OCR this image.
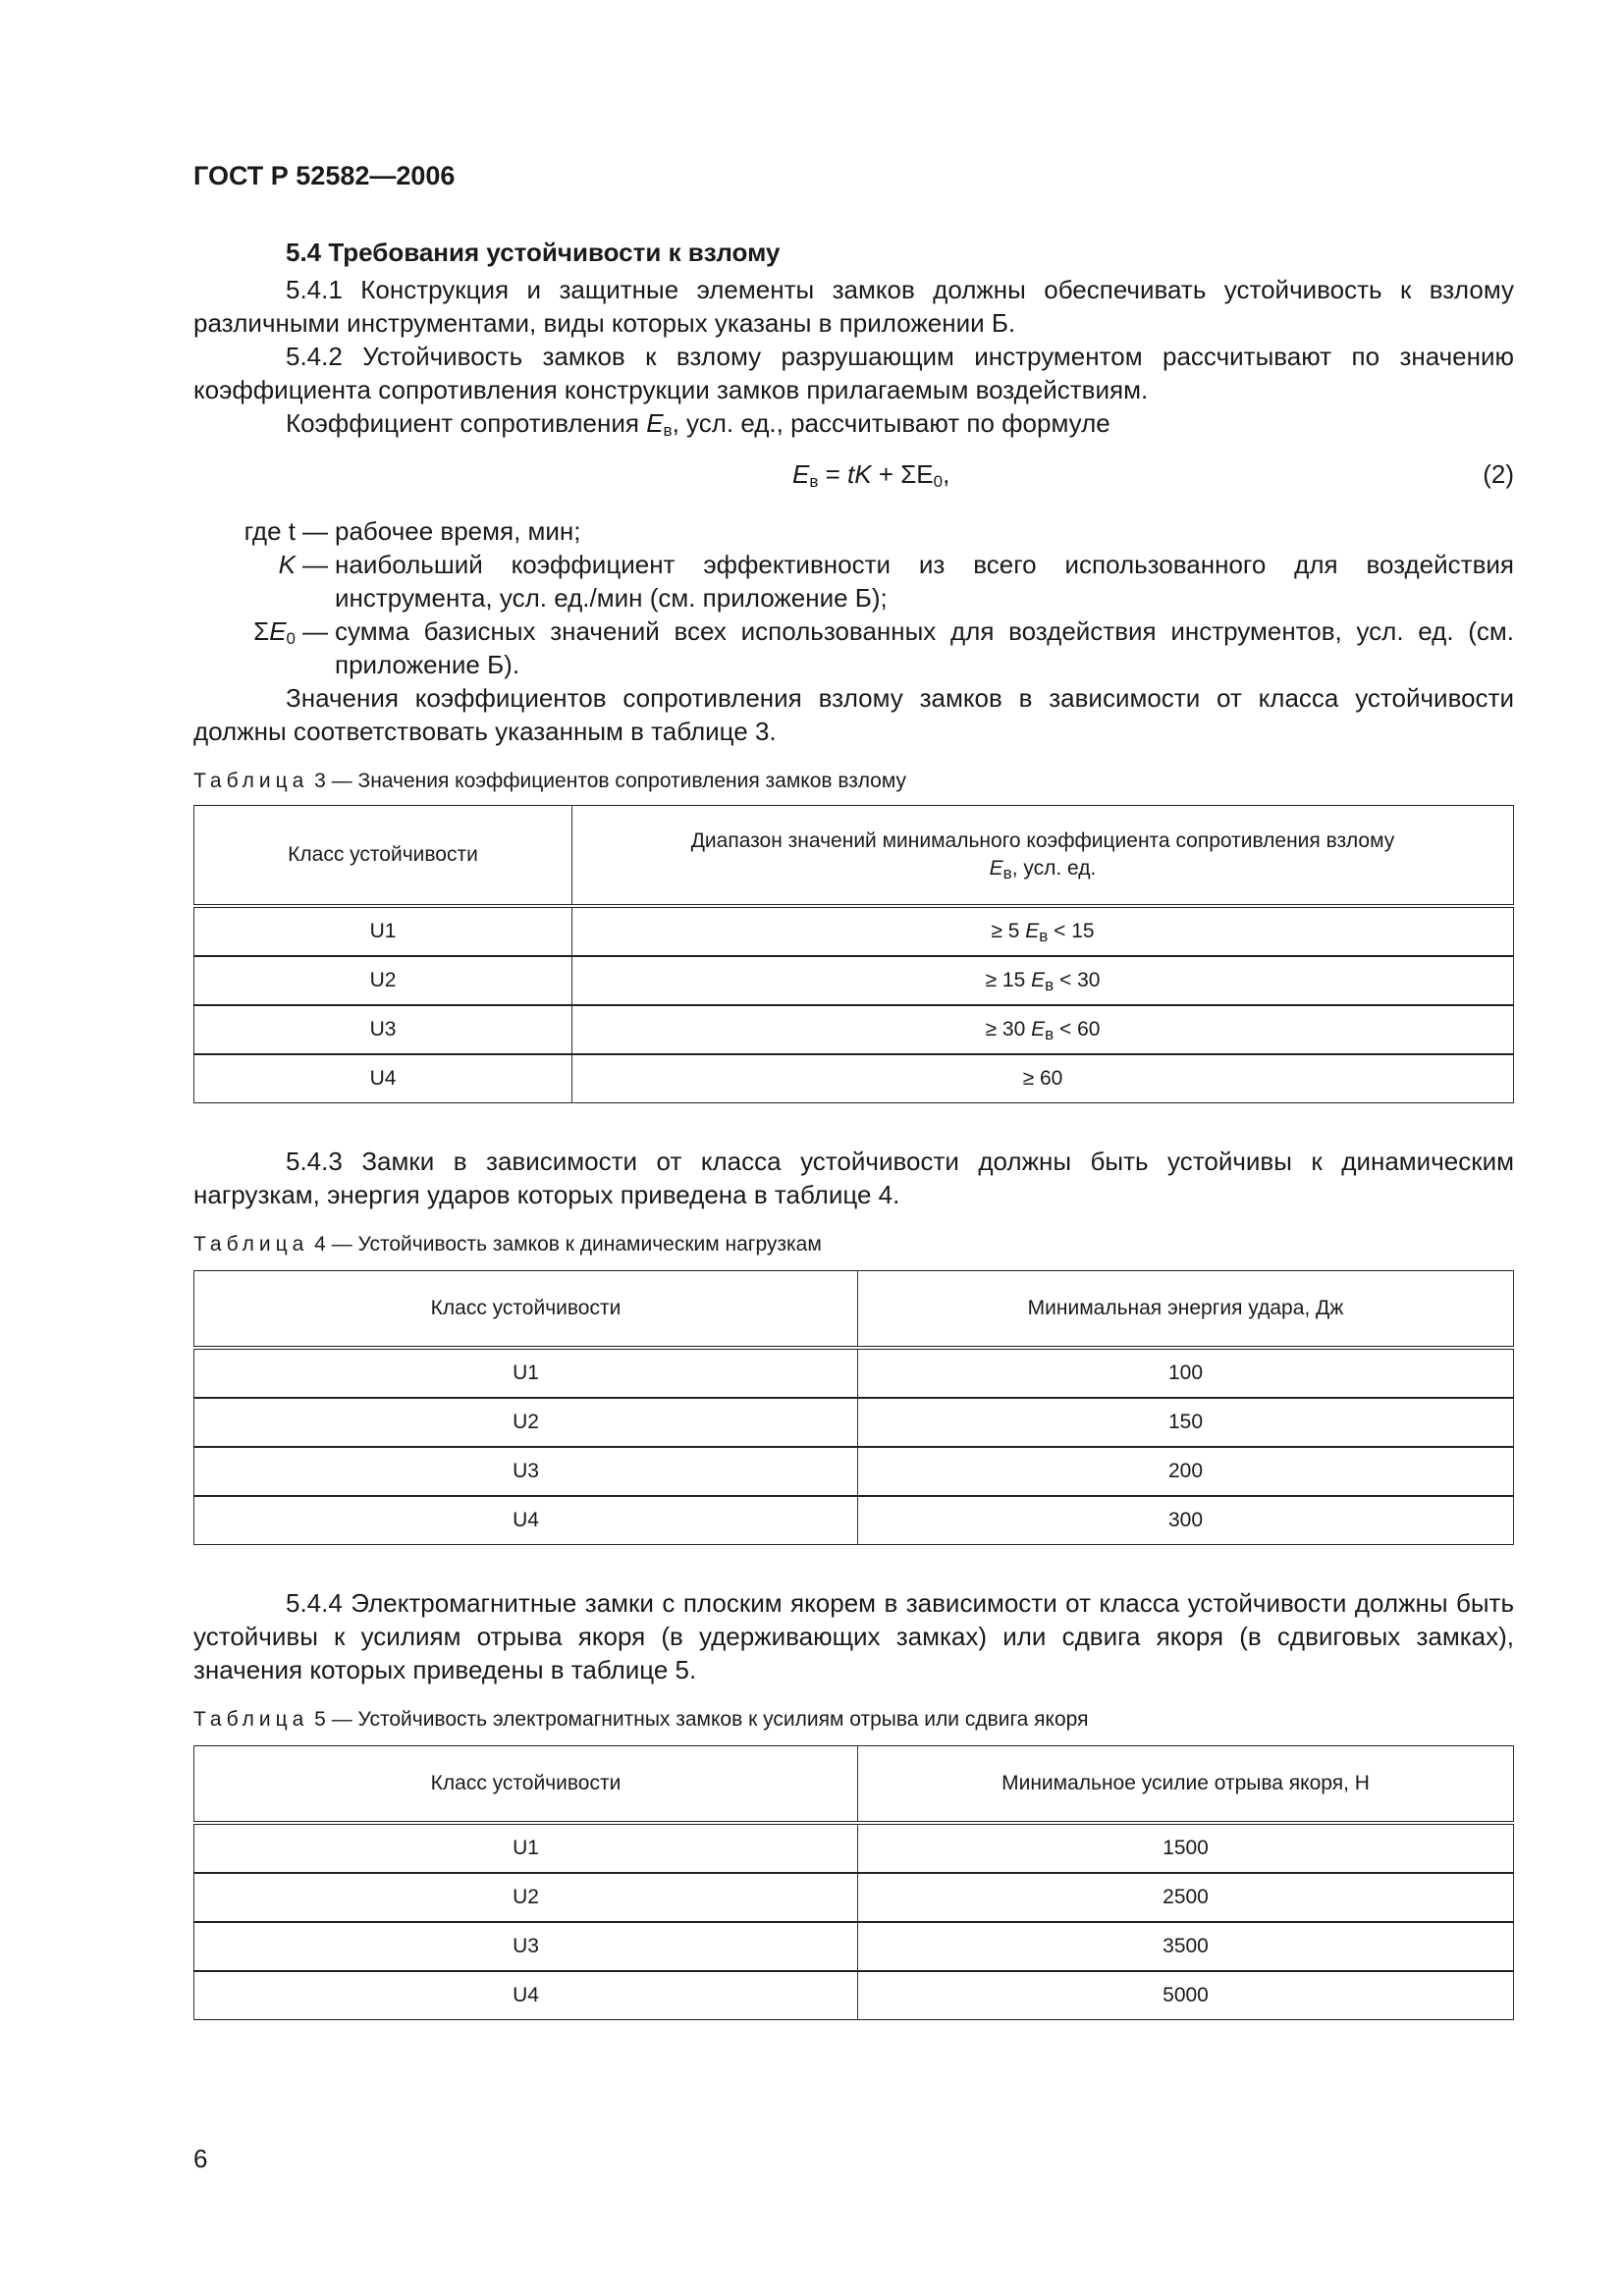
ГОСТ Р 52582—2006

5.4 Требования устойчивости к взлому

5.4.1 Конструкция и защитные элементы замков должны обеспечивать устойчивость к взлому различными инструментами, виды которых указаны в приложении Б.

5.4.2 Устойчивость замков к взлому разрушающим инструментом рассчитывают по значению коэффициента сопротивления конструкции замков прилагаемым воздействиям.

Коэффициент сопротивления $E_в$, усл. ед., рассчитывают по формуле

$E_в$ = tK + $\Sigma E_0$,	(2)
где t — рабочее время, мин;
K — наибольший коэффициент эффективности из всего использованного для воздействия инструмента, усл. ед./мин (см. приложение Б);
$\Sigma E_0$ — сумма базисных значений всех использованных для воздействия инструментов, усл. ед. (см. приложение Б).

Значения коэффициентов сопротивления взлому замков в зависимости от класса устойчивости должны соответствовать указанным в таблице 3.

Таблица 3 — Значения коэффициентов сопротивления замков взлому

Класс устойчивости	Диапазон значений минимального коэффициента сопротивления взлому
$E_в$, усл. ед.
U1	≥ 5 $E_в < 15$
U2	≥ 15 $E_в < 30$
U3	≥ 30 $E_в < 60$
U4	≥ 60

5.4.3 Замки в зависимости от класса устойчивости должны быть устойчивы к динамическим нагрузкам, энергия ударов которых приведена в таблице 4.

Таблица 4 — Устойчивость замков к динамическим нагрузкам

Класс устойчивости	Минимальная энергия удара, Дж
U1	100
U2	150
U3	200
U4	300

5.4.4 Электромагнитные замки с плоским якорем в зависимости от класса устойчивости должны быть устойчивы к усилиям отрыва якоря (в удерживающих замках) или сдвига якоря (в сдвиговых замках), значения которых приведены в таблице 5.

Таблица 5 — Устойчивость электромагнитных замков к усилиям отрыва или сдвига якоря

Класс устойчивости	Минимальное усилие отрыва якоря, Н
U1	1500
U2	2500
U3	3500
U4	5000
6
